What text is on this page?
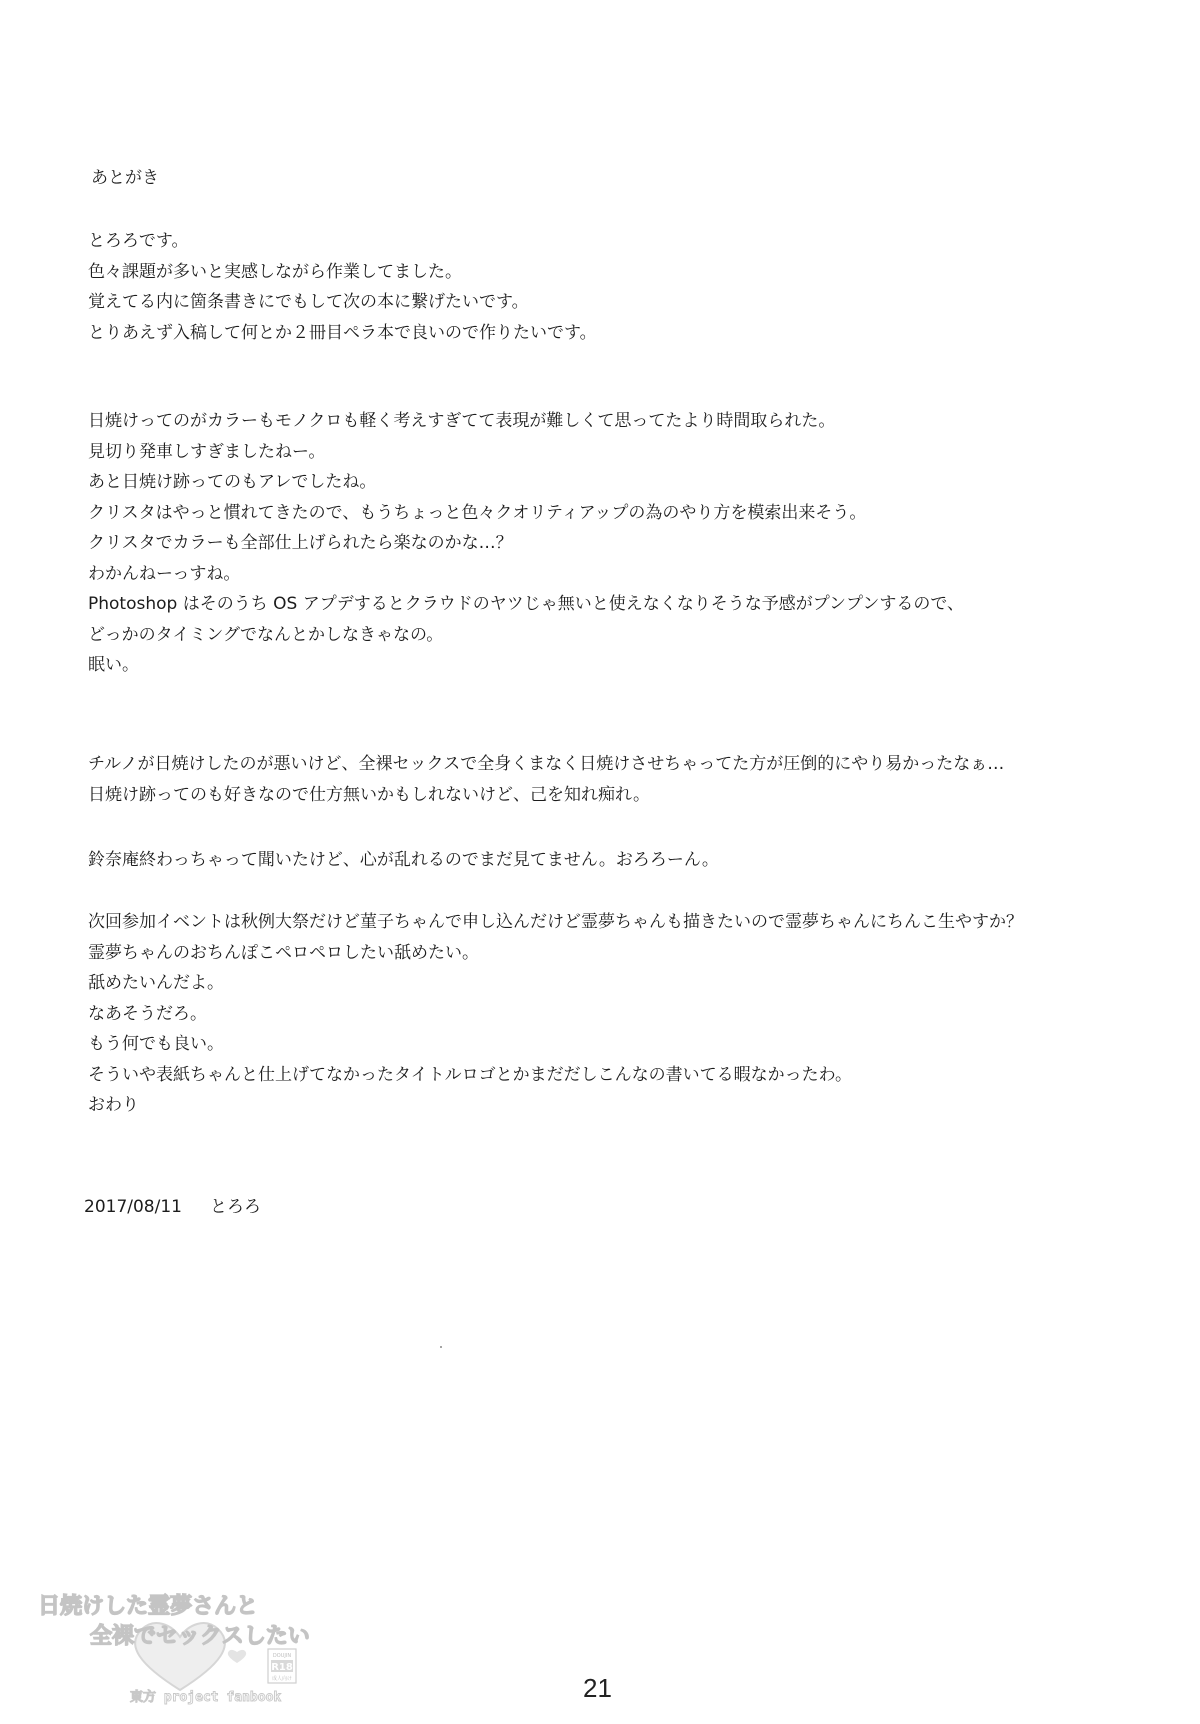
あとがき
とろろです。
色々課題が多いと実感しながら作業してました。
覚えてる内に箇条書きにでもして次の本に繋げたいです。
とりあえず入稿して何とか２冊目ペラ本で良いので作りたいです。
日焼けってのがカラーもモノクロも軽く考えすぎてて表現が難しくて思ってたより時間取られた。
見切り発車しすぎましたねー。
あと日焼け跡ってのもアレでしたね。
クリスタはやっと慣れてきたので、もうちょっと色々クオリティアップの為のやり方を模索出来そう。
クリスタでカラーも全部仕上げられたら楽なのかな…？
わかんねーっすね。
Photoshop はそのうち OS アプデするとクラウドのヤツじゃ無いと使えなくなりそうな予感がプンプンするので、
どっかのタイミングでなんとかしなきゃなの。
眠い。
チルノが日焼けしたのが悪いけど、全裸セックスで全身くまなく日焼けさせちゃってた方が圧倒的にやり易かったなぁ…
日焼け跡ってのも好きなので仕方無いかもしれないけど、己を知れ痴れ。
鈴奈庵終わっちゃって聞いたけど、心が乱れるのでまだ見てません。おろろーん。
次回参加イベントは秋例大祭だけど菫子ちゃんで申し込んだけど霊夢ちゃんも描きたいので霊夢ちゃんにちんこ生やすか？
霊夢ちゃんのおちんぽこペロペロしたい舐めたい。
舐めたいんだよ。
なあそうだろ。
もう何でも良い。
そういや表紙ちゃんと仕上げてなかったタイトルロゴとかまだだしこんなの書いてる暇なかったわ。
おわり
2017/08/11 とろろ
日焼けした霊夢さんと
全裸でセックスしたい
DOUJIN
R18
成人向け
東方 project fanbook	21
